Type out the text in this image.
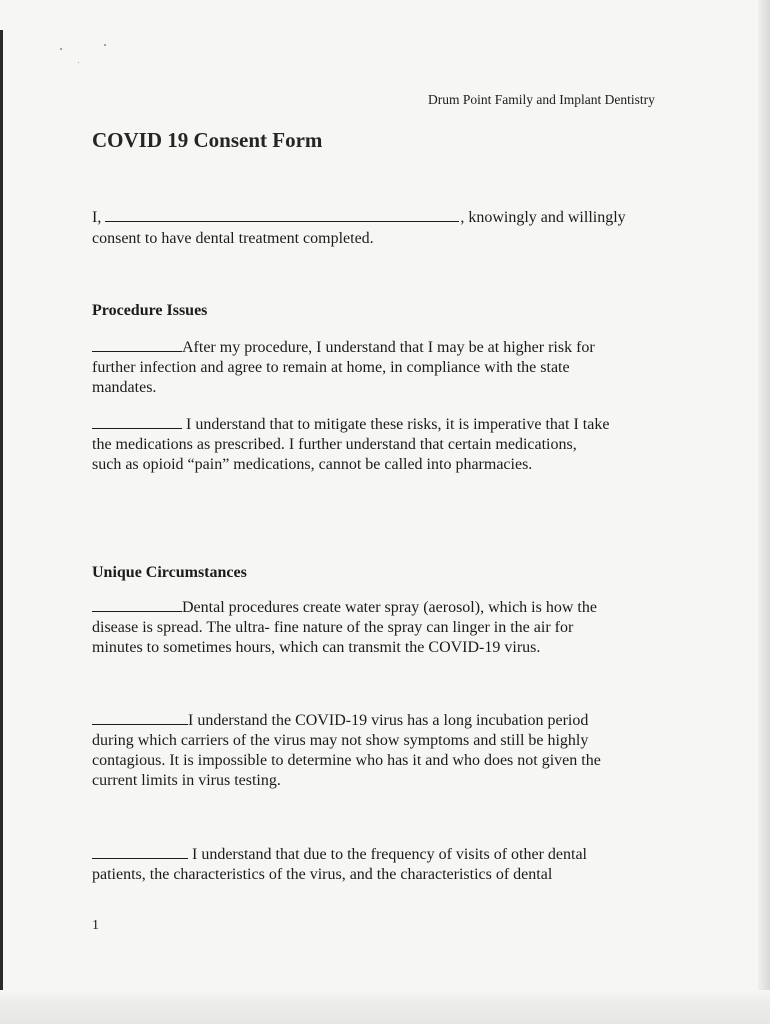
Drum Point Family and Implant Dentistry
COVID 19 Consent Form
I,	, knowingly and willingly
consent to have dental treatment completed.
Procedure Issues
After my procedure, I understand that I may be at higher risk for
further infection and agree to remain at home, in compliance with the state
mandates.
I understand that to mitigate these risks, it is imperative that I take
the medications as prescribed. I further understand that certain medications,
such as opioid “pain” medications, cannot be called into pharmacies.
Unique Circumstances
Dental procedures create water spray (aerosol), which is how the
disease is spread. The ultra- fine nature of the spray can linger in the air for
minutes to sometimes hours, which can transmit the COVID-19 virus.
I understand the COVID-19 virus has a long incubation period
during which carriers of the virus may not show symptoms and still be highly
contagious. It is impossible to determine who has it and who does not given the
current limits in virus testing.
I understand that due to the frequency of visits of other dental
patients, the characteristics of the virus, and the characteristics of dental
1
